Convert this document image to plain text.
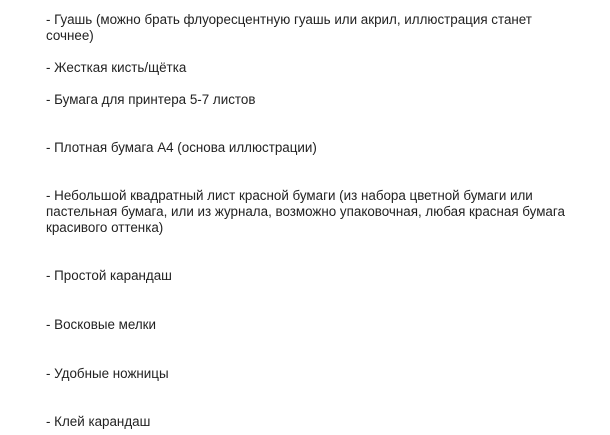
- Гуашь (можно брать флуоресцентную гуашь или акрил, иллюстрация станет сочнее)

- Жесткая кисть/щётка

- Бумага для принтера 5-7 листов

- Плотная бумага А4 (основа иллюстрации)

- Небольшой квадратный лист красной бумаги (из набора цветной бумаги или пастельная бумага, или из журнала, возможно упаковочная, любая красная бумага красивого оттенка)

- Простой карандаш

- Восковые мелки

- Удобные ножницы

- Клей карандаш
